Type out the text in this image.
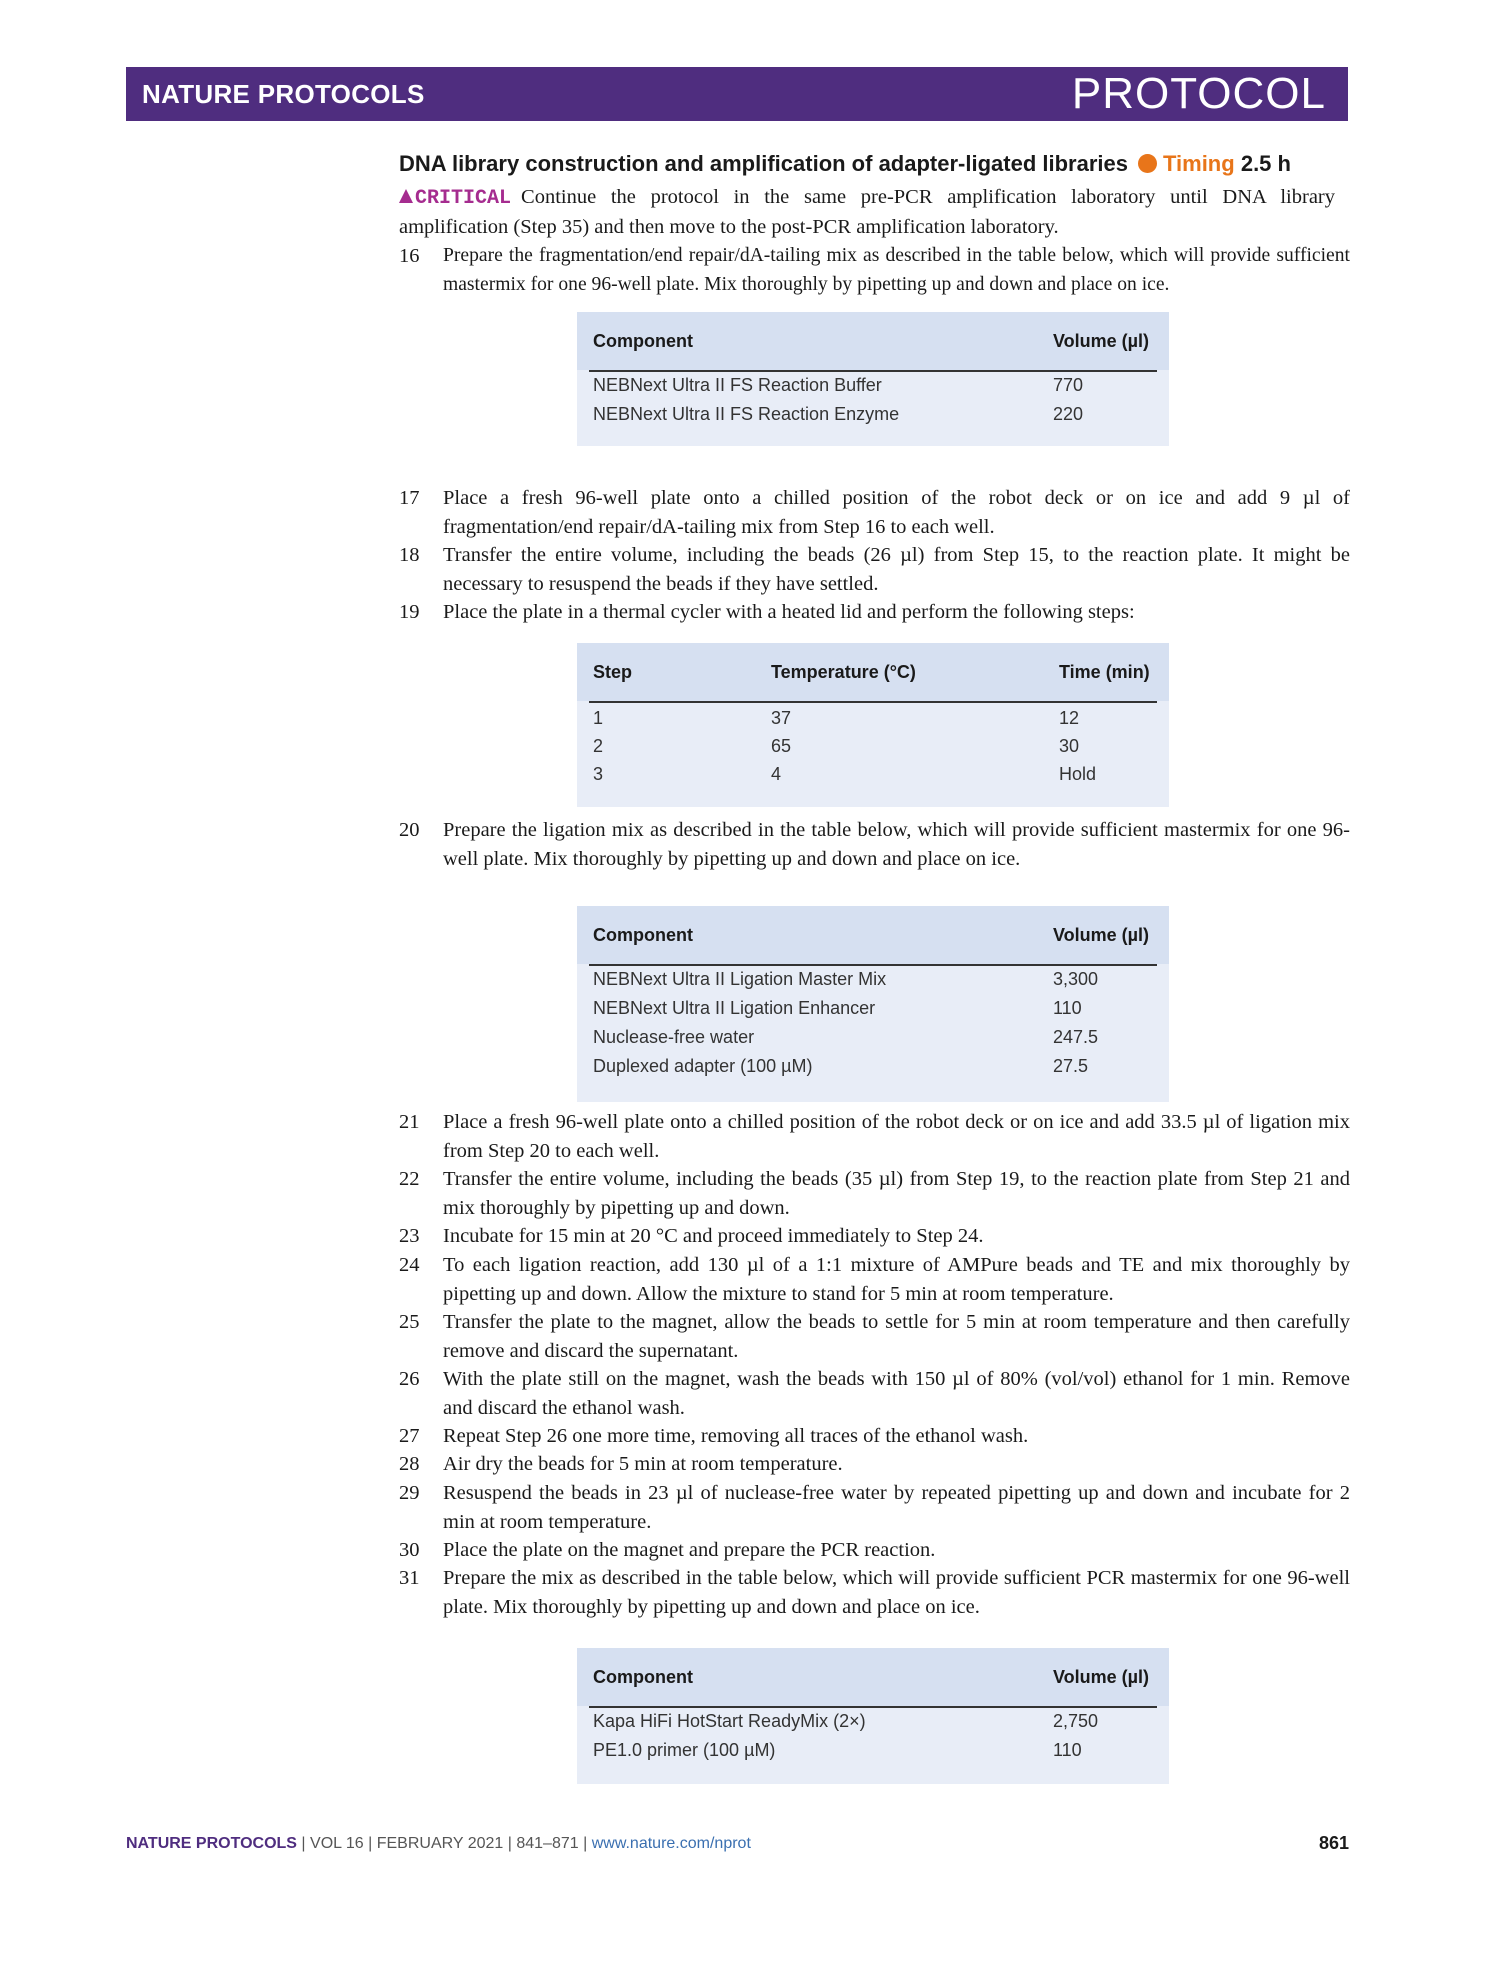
NATURE PROTOCOLS	PROTOCOL
DNA library construction and amplification of adapter-ligated libraries Timing 2.5 h
CRITICAL Continue the protocol in the same pre-PCR amplification laboratory until DNA library amplification (Step 35) and then move to the post-PCR amplification laboratory.
16	Prepare the fragmentation/end repair/dA-tailing mix as described in the table below, which will provide sufficient mastermix for one 96-well plate. Mix thoroughly by pipetting up and down and place on ice.
Component	Volume (µl)
NEBNext Ultra II FS Reaction Buffer	770
NEBNext Ultra II FS Reaction Enzyme	220
17	Place a fresh 96-well plate onto a chilled position of the robot deck or on ice and add 9 µl of fragmentation/end repair/dA-tailing mix from Step 16 to each well.
18	Transfer the entire volume, including the beads (26 µl) from Step 15, to the reaction plate. It might be necessary to resuspend the beads if they have settled.
19	Place the plate in a thermal cycler with a heated lid and perform the following steps:
Step	Temperature (°C)	Time (min)
1	37	12
2	65	30
3	4	Hold
20	Prepare the ligation mix as described in the table below, which will provide sufficient mastermix for one 96-well plate. Mix thoroughly by pipetting up and down and place on ice.
Component	Volume (µl)
NEBNext Ultra II Ligation Master Mix	3,300
NEBNext Ultra II Ligation Enhancer	110
Nuclease-free water	247.5
Duplexed adapter (100 µM)	27.5
21	Place a fresh 96-well plate onto a chilled position of the robot deck or on ice and add 33.5 µl of ligation mix from Step 20 to each well.
22	Transfer the entire volume, including the beads (35 µl) from Step 19, to the reaction plate from Step 21 and mix thoroughly by pipetting up and down.
23	Incubate for 15 min at 20 °C and proceed immediately to Step 24.
24	To each ligation reaction, add 130 µl of a 1:1 mixture of AMPure beads and TE and mix thoroughly by pipetting up and down. Allow the mixture to stand for 5 min at room temperature.
25	Transfer the plate to the magnet, allow the beads to settle for 5 min at room temperature and then carefully remove and discard the supernatant.
26	With the plate still on the magnet, wash the beads with 150 µl of 80% (vol/vol) ethanol for 1 min. Remove and discard the ethanol wash.
27	Repeat Step 26 one more time, removing all traces of the ethanol wash.
28	Air dry the beads for 5 min at room temperature.
29	Resuspend the beads in 23 µl of nuclease-free water by repeated pipetting up and down and incubate for 2 min at room temperature.
30	Place the plate on the magnet and prepare the PCR reaction.
31	Prepare the mix as described in the table below, which will provide sufficient PCR mastermix for one 96-well plate. Mix thoroughly by pipetting up and down and place on ice.
Component	Volume (µl)
Kapa HiFi HotStart ReadyMix (2×)	2,750
PE1.0 primer (100 µM)	110
NATURE PROTOCOLS | VOL 16 | FEBRUARY 2021 | 841–871 | www.nature.com/nprot	861
